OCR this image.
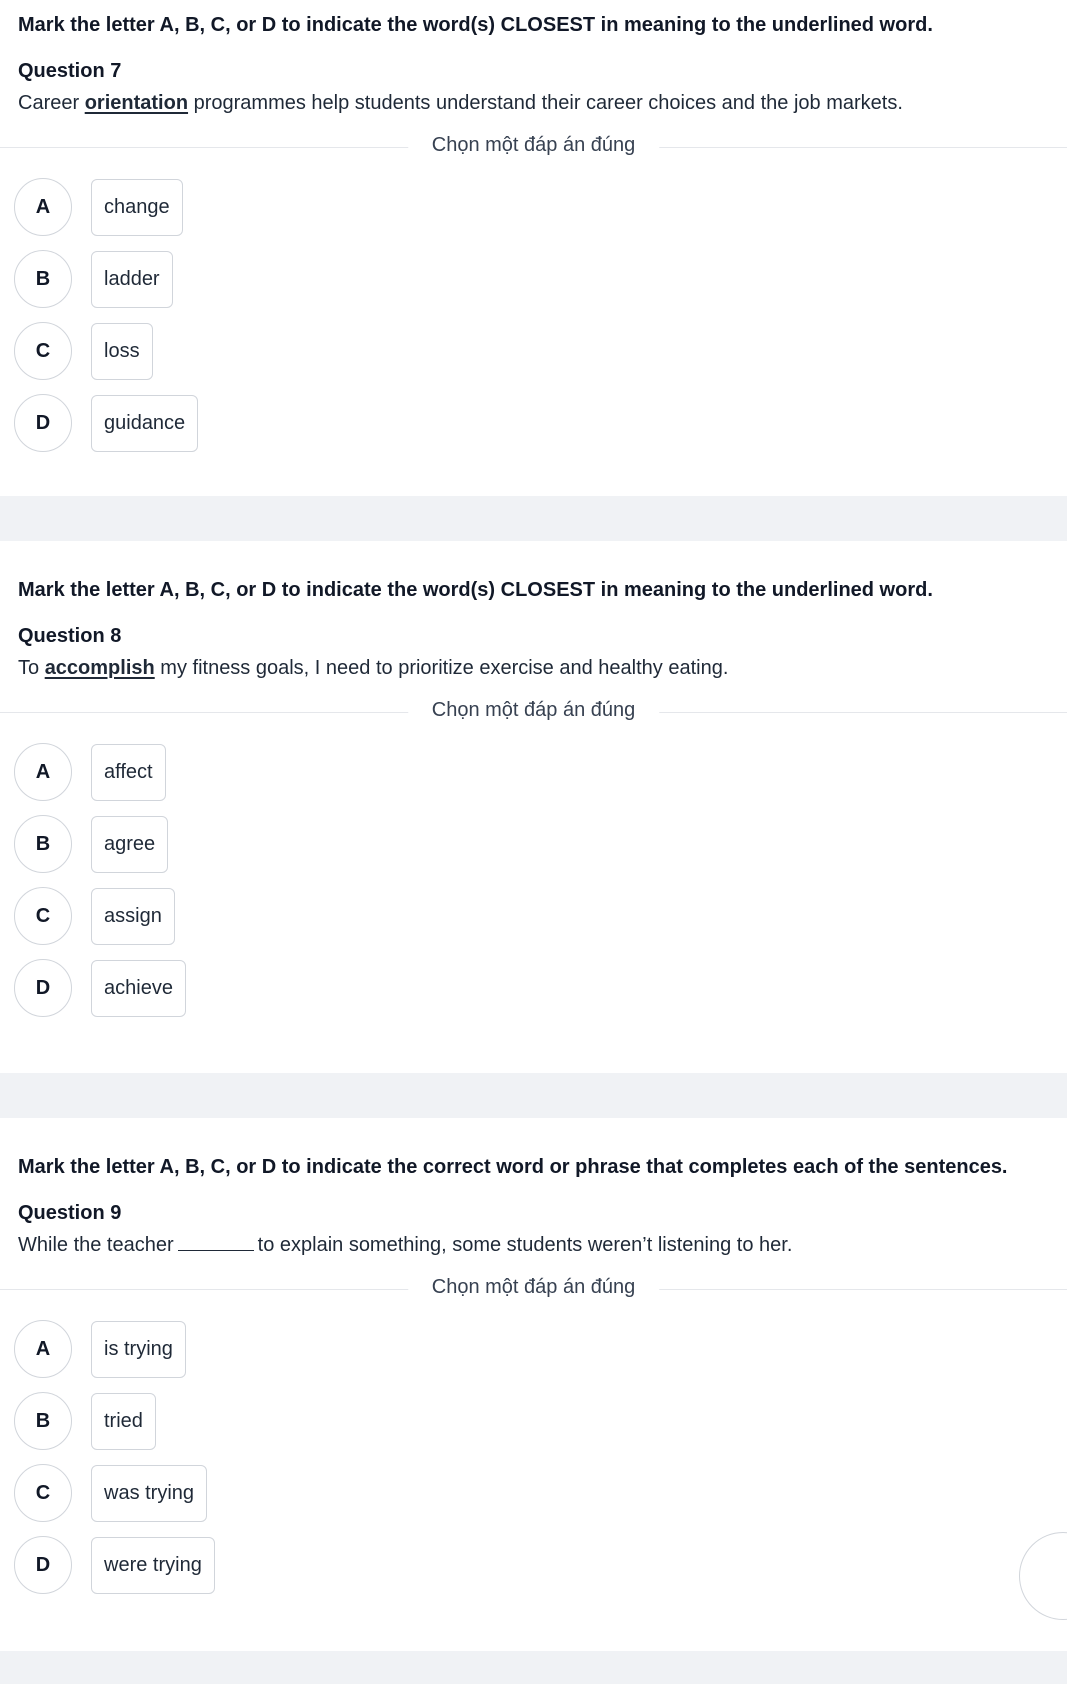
Mark the letter A, B, C, or D to indicate the word(s) CLOSEST in meaning to the underlined word.
Question 7
Career orientation programmes help students understand their career choices and the job markets.
Chọn một đáp án đúng
A	change
B	ladder
C	loss
D	guidance
Mark the letter A, B, C, or D to indicate the word(s) CLOSEST in meaning to the underlined word.
Question 8
To accomplish my fitness goals, I need to prioritize exercise and healthy eating.
Chọn một đáp án đúng
A	affect
B	agree
C	assign
D	achieve
Mark the letter A, B, C, or D to indicate the correct word or phrase that completes each of the sentences.
Question 9
While the teacher	to explain something, some students weren’t listening to her.
Chọn một đáp án đúng
A	is trying
B	tried
C	was trying
D	were trying
